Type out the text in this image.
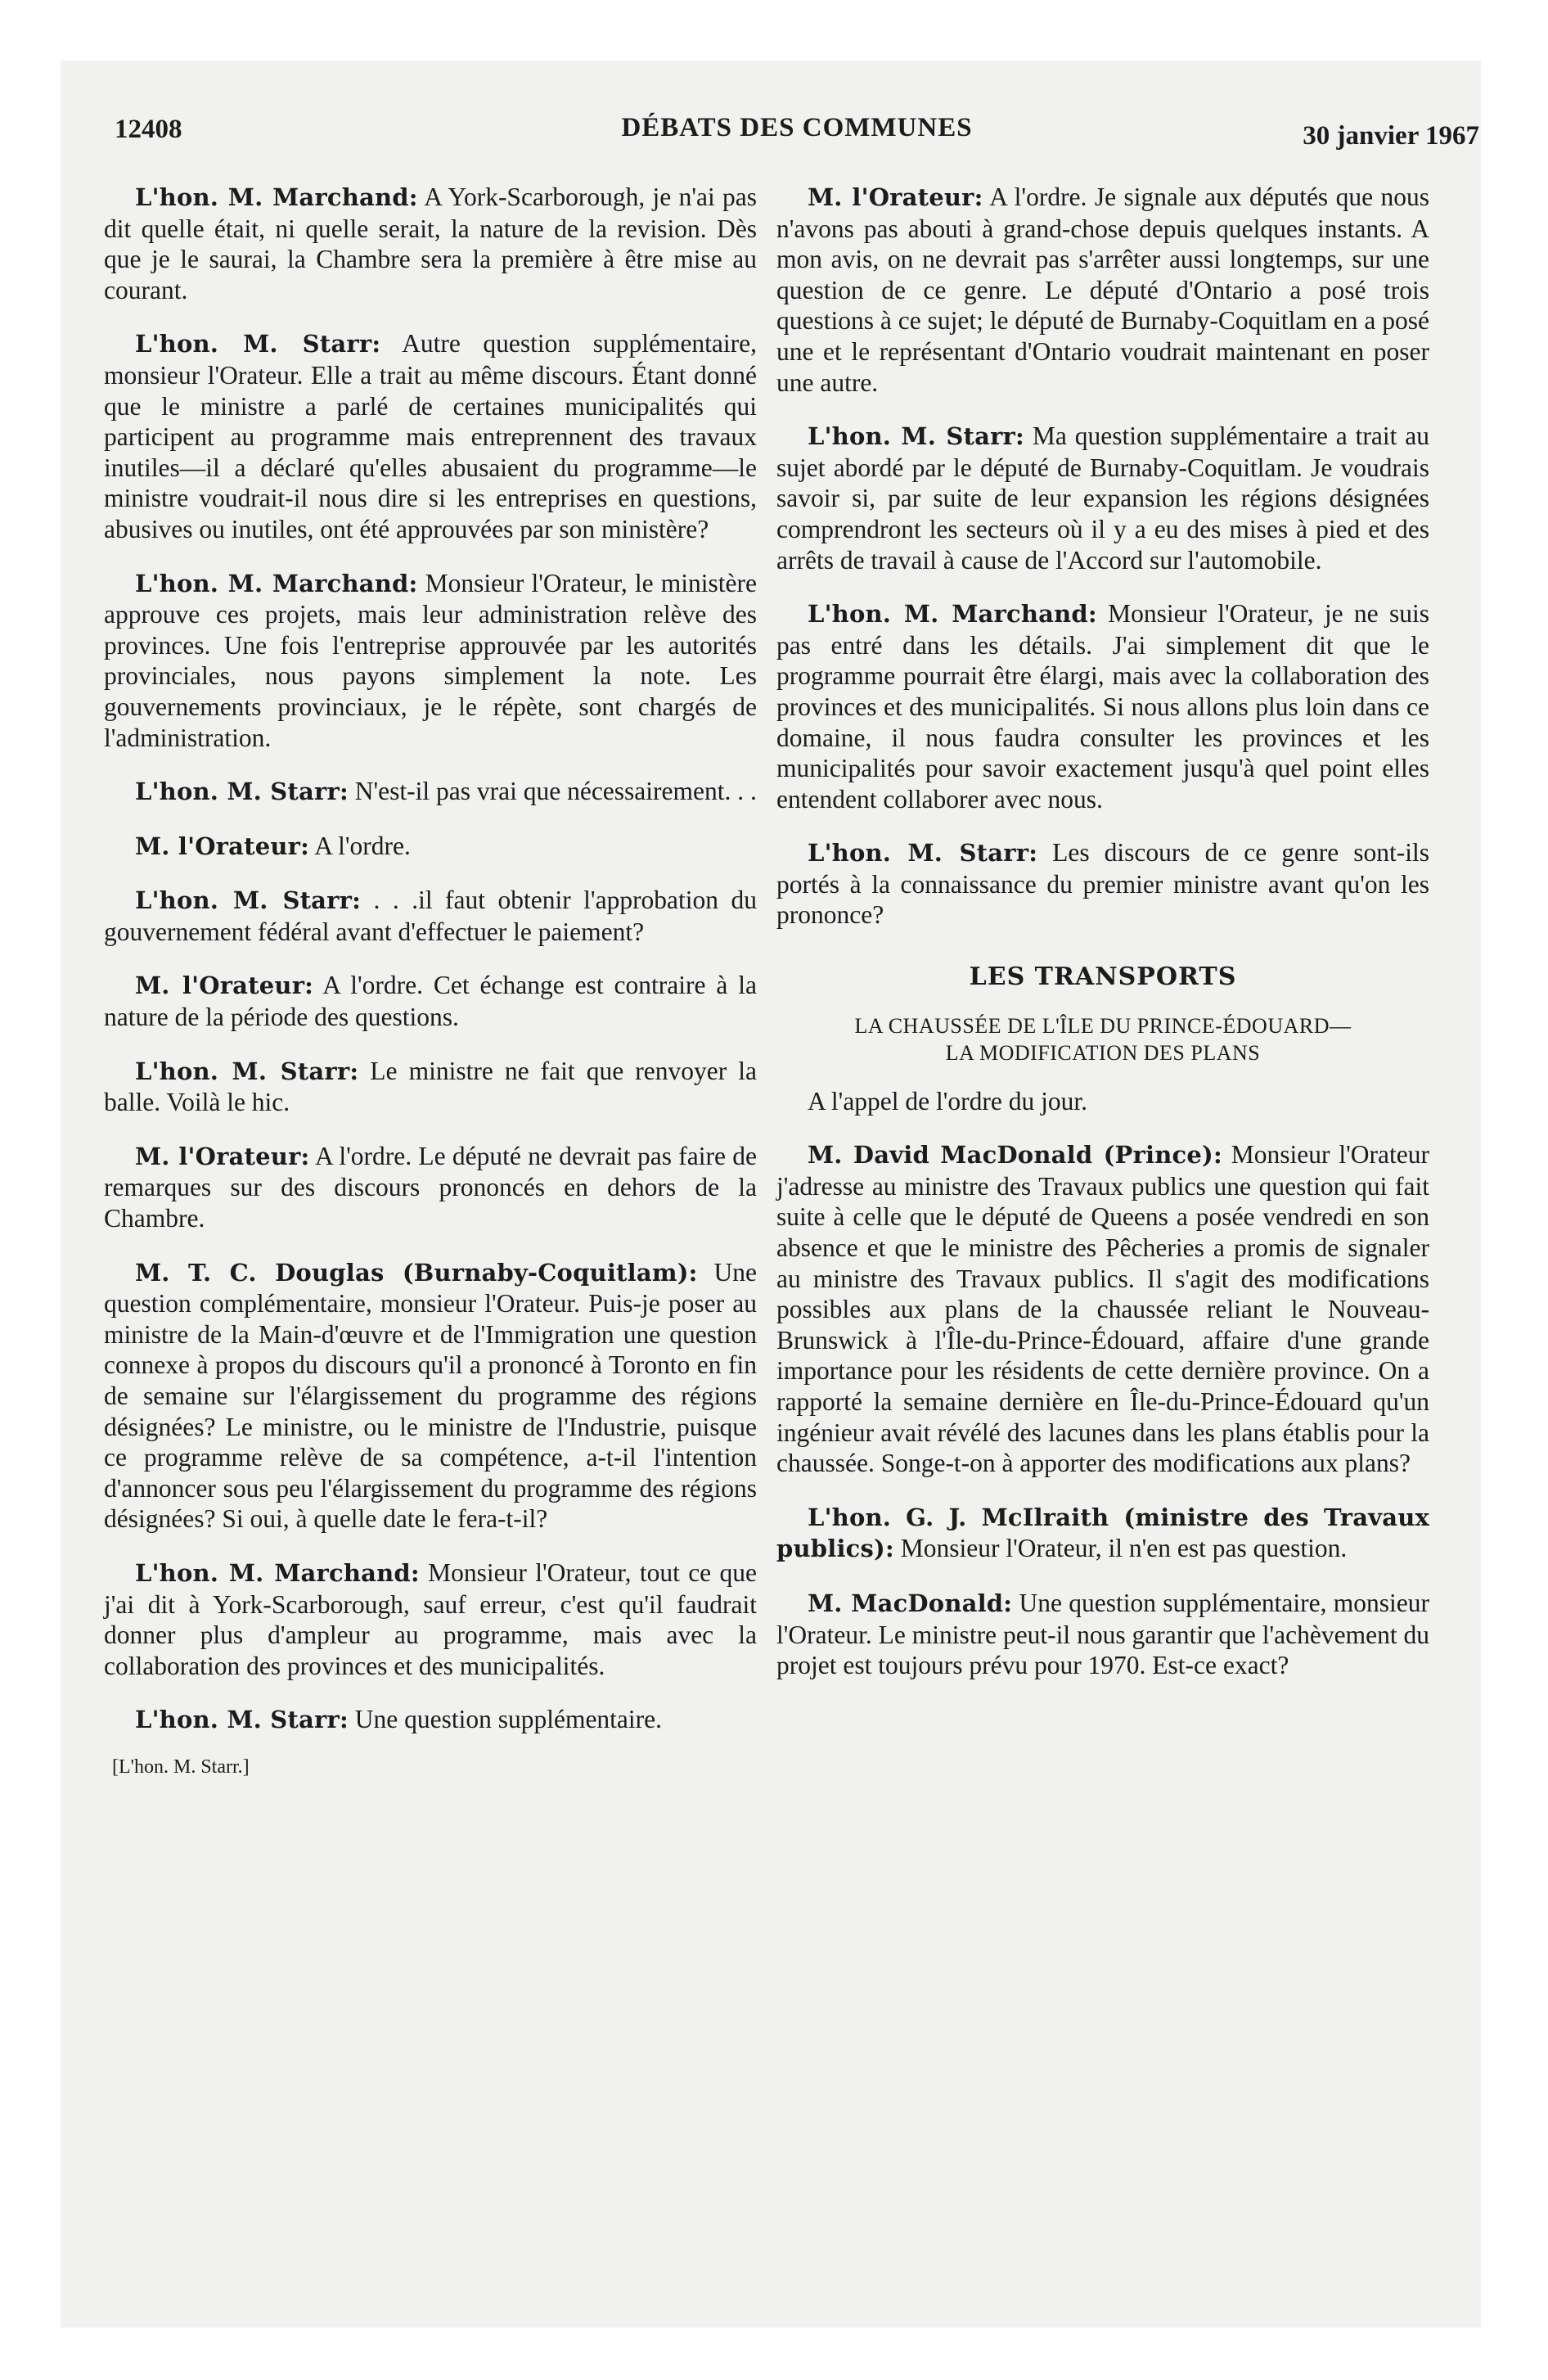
12408	DÉBATS DES COMMUNES	30 janvier 1967

L'hon. M. Marchand: A York-Scarborough, je n'ai pas dit quelle était, ni quelle serait, la nature de la revision. Dès que je le saurai, la Chambre sera la première à être mise au courant.

L'hon. M. Starr: Autre question supplémentaire, monsieur l'Orateur. Elle a trait au même discours. Étant donné que le ministre a parlé de certaines municipalités qui participent au programme mais entreprennent des travaux inutiles—il a déclaré qu'elles abusaient du programme—le ministre voudrait-il nous dire si les entreprises en questions, abusives ou inutiles, ont été approuvées par son ministère?

L'hon. M. Marchand: Monsieur l'Orateur, le ministère approuve ces projets, mais leur administration relève des provinces. Une fois l'entreprise approuvée par les autorités provinciales, nous payons simplement la note. Les gouvernements provinciaux, je le répète, sont chargés de l'administration.

L'hon. M. Starr: N'est-il pas vrai que nécessairement. . .

M. l'Orateur: A l'ordre.

L'hon. M. Starr: . . .il faut obtenir l'approbation du gouvernement fédéral avant d'effectuer le paiement?

M. l'Orateur: A l'ordre. Cet échange est contraire à la nature de la période des questions.

L'hon. M. Starr: Le ministre ne fait que renvoyer la balle. Voilà le hic.

M. l'Orateur: A l'ordre. Le député ne devrait pas faire de remarques sur des discours prononcés en dehors de la Chambre.

M. T. C. Douglas (Burnaby-Coquitlam): Une question complémentaire, monsieur l'Orateur. Puis-je poser au ministre de la Main-d'œuvre et de l'Immigration une question connexe à propos du discours qu'il a prononcé à Toronto en fin de semaine sur l'élargissement du programme des régions désignées? Le ministre, ou le ministre de l'Industrie, puisque ce programme relève de sa compétence, a-t-il l'intention d'annoncer sous peu l'élargissement du programme des régions désignées? Si oui, à quelle date le fera-t-il?

L'hon. M. Marchand: Monsieur l'Orateur, tout ce que j'ai dit à York-Scarborough, sauf erreur, c'est qu'il faudrait donner plus d'ampleur au programme, mais avec la collaboration des provinces et des municipalités.

L'hon. M. Starr: Une question supplémentaire.

[L'hon. M. Starr.]

M. l'Orateur: A l'ordre. Je signale aux députés que nous n'avons pas abouti à grand-chose depuis quelques instants. A mon avis, on ne devrait pas s'arrêter aussi longtemps, sur une question de ce genre. Le député d'Ontario a posé trois questions à ce sujet; le député de Burnaby-Coquitlam en a posé une et le représentant d'Ontario voudrait maintenant en poser une autre.

L'hon. M. Starr: Ma question supplémentaire a trait au sujet abordé par le député de Burnaby-Coquitlam. Je voudrais savoir si, par suite de leur expansion les régions désignées comprendront les secteurs où il y a eu des mises à pied et des arrêts de travail à cause de l'Accord sur l'automobile.

L'hon. M. Marchand: Monsieur l'Orateur, je ne suis pas entré dans les détails. J'ai simplement dit que le programme pourrait être élargi, mais avec la collaboration des provinces et des municipalités. Si nous allons plus loin dans ce domaine, il nous faudra consulter les provinces et les municipalités pour savoir exactement jusqu'à quel point elles entendent collaborer avec nous.

L'hon. M. Starr: Les discours de ce genre sont-ils portés à la connaissance du premier ministre avant qu'on les prononce?

LES TRANSPORTS
LA CHAUSSÉE DE L'ÎLE DU PRINCE-ÉDOUARD—
LA MODIFICATION DES PLANS

A l'appel de l'ordre du jour.

M. David MacDonald (Prince): Monsieur l'Orateur j'adresse au ministre des Travaux publics une question qui fait suite à celle que le député de Queens a posée vendredi en son absence et que le ministre des Pêcheries a promis de signaler au ministre des Travaux publics. Il s'agit des modifications possibles aux plans de la chaussée reliant le Nouveau-Brunswick à l'Île-du-Prince-Édouard, affaire d'une grande importance pour les résidents de cette dernière province. On a rapporté la semaine dernière en Île-du-Prince-Édouard qu'un ingénieur avait révélé des lacunes dans les plans établis pour la chaussée. Songe-t-on à apporter des modifications aux plans?

L'hon. G. J. McIlraith (ministre des Travaux publics): Monsieur l'Orateur, il n'en est pas question.

M. MacDonald: Une question supplémentaire, monsieur l'Orateur. Le ministre peut-il nous garantir que l'achèvement du projet est toujours prévu pour 1970. Est-ce exact?
